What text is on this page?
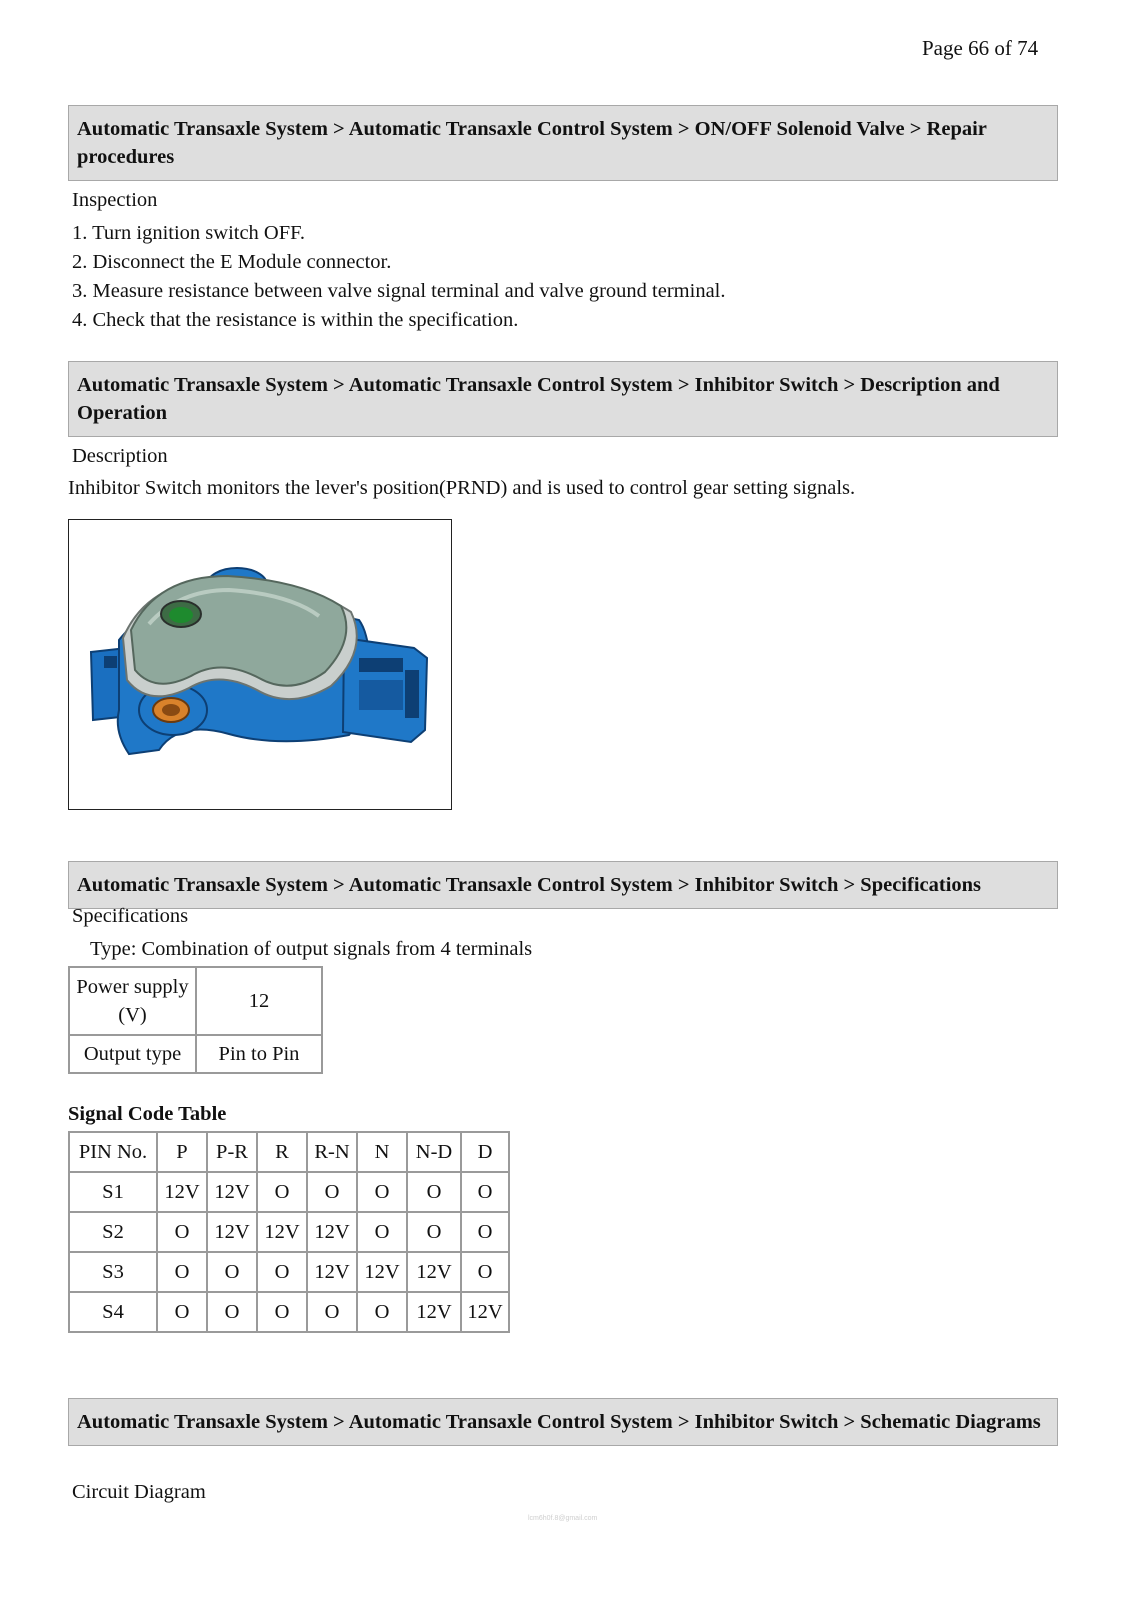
Page 66 of 74
Automatic Transaxle System > Automatic Transaxle Control System > ON/OFF Solenoid Valve > Repair procedures
Inspection
1. Turn ignition switch OFF.
2. Disconnect the E Module connector.
3. Measure resistance between valve signal terminal and valve ground terminal.
4. Check that the resistance is within the specification.
Automatic Transaxle System > Automatic Transaxle Control System > Inhibitor Switch > Description and Operation
Description
Inhibitor Switch monitors the lever's position(PRND) and is used to control gear setting signals.
Automatic Transaxle System > Automatic Transaxle Control System > Inhibitor Switch > Specifications
Specifications
Type: Combination of output signals from 4 terminals
Power supply (V)	12
Output type	Pin to Pin
Signal Code Table
PIN No.	P	P-R	R	R-N	N	N-D	D
S1	12V	12V	O	O	O	O	O
S2	O	12V	12V	12V	O	O	O
S3	O	O	O	12V	12V	12V	O
S4	O	O	O	O	O	12V	12V
Automatic Transaxle System > Automatic Transaxle Control System > Inhibitor Switch > Schematic Diagrams
Circuit Diagram
lcm6h0f.8@gmail.com
